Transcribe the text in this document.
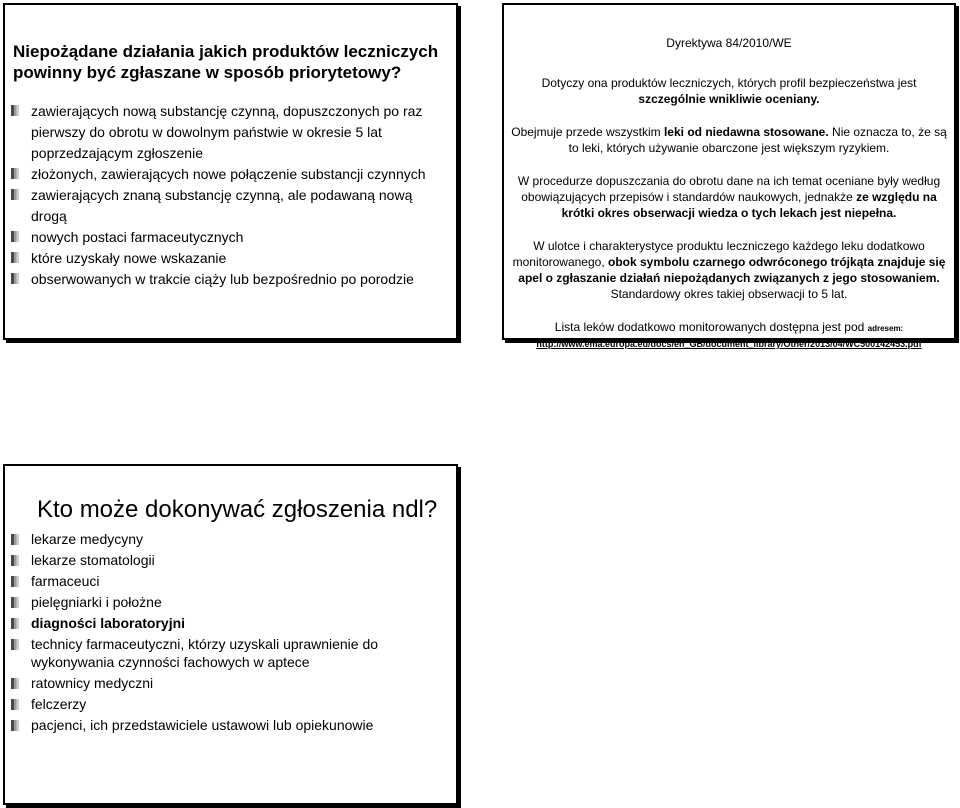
Niepożądane działania jakich produktów leczniczych powinny być zgłaszane w sposób priorytetowy?
zawierających nową substancję czynną, dopuszczonych po raz pierwszy do obrotu w dowolnym państwie w okresie 5 lat poprzedzającym zgłoszenie
złożonych, zawierających nowe połączenie substancji czynnych
zawierających znaną substancję czynną, ale podawaną nową drogą
nowych postaci farmaceutycznych
które uzyskały nowe wskazanie
obserwowanych w trakcie ciąży lub bezpośrednio po porodzie

Dyrektywa 84/2010/WE

Dotyczy ona produktów leczniczych, których profil bezpieczeństwa jest
szczególnie wnikliwie oceniany.

Obejmuje przede wszystkim leki od niedawna stosowane. Nie oznacza to, że są to leki, których używanie obarczone jest większym ryzykiem.

W procedurze dopuszczania do obrotu dane na ich temat oceniane były według obowiązujących przepisów i standardów naukowych, jednakże ze względu na krótki okres obserwacji wiedza o tych lekach jest niepełna.

W ulotce i charakterystyce produktu leczniczego każdego leku dodatkowo monitorowanego, obok symbolu czarnego odwróconego trójkąta znajduje się apel o zgłaszanie działań niepożądanych związanych z jego stosowaniem. Standardowy okres takiej obserwacji to 5 lat.

Lista leków dodatkowo monitorowanych dostępna jest pod adresem:

http://www.ema.europa.eu/docs/en_GB/document_library/Other/2013/04/WC500142453.pdf

Kto może dokonywać zgłoszenia ndl?
lekarze medycyny
lekarze stomatologii
farmaceuci
pielęgniarki i położne
diagności laboratoryjni
technicy farmaceutyczni, którzy uzyskali uprawnienie do wykonywania czynności fachowych w aptece
ratownicy medyczni
felczerzy
pacjenci, ich przedstawiciele ustawowi lub opiekunowie
